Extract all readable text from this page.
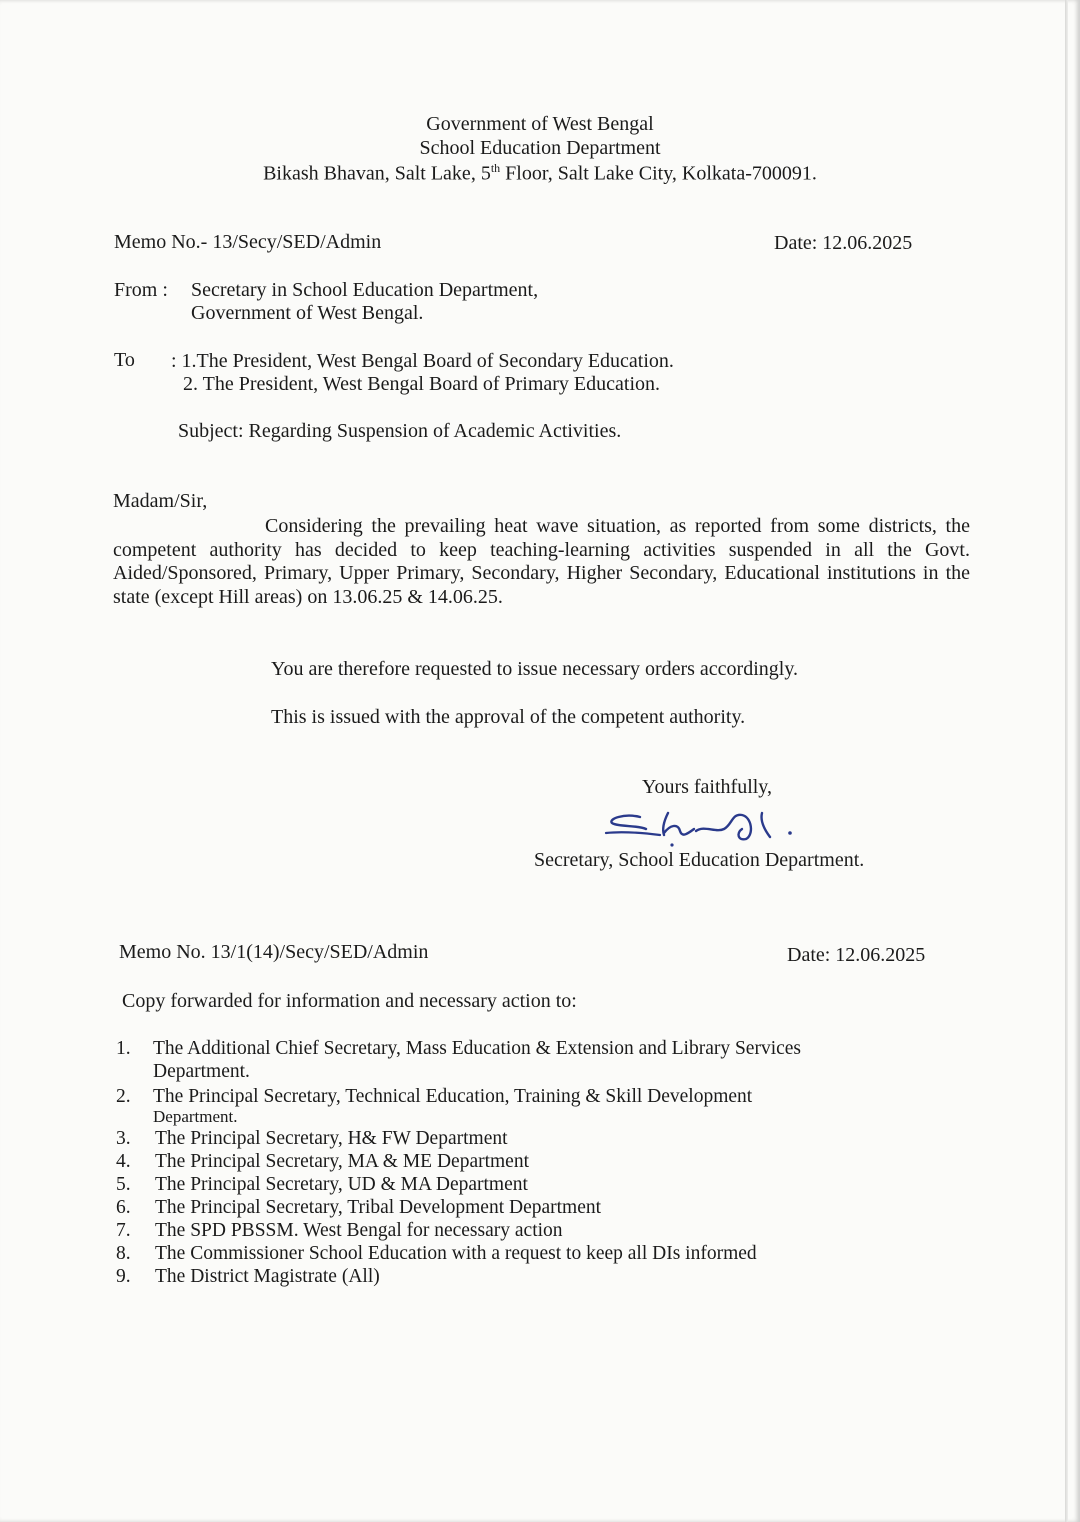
Government of West Bengal
School Education Department
Bikash Bhavan, Salt Lake, 5th Floor, Salt Lake City, Kolkata-700091.
Memo No.- 13/Secy/SED/Admin	Date: 12.06.2025
From : Secretary in School Education Department,
Government of West Bengal.
To : 1.The President, West Bengal Board of Secondary Education.
2. The President, West Bengal Board of Primary Education.
Subject: Regarding Suspension of Academic Activities.
Madam/Sir,
Considering the prevailing heat wave situation, as reported from some districts, the competent authority has decided to keep teaching-learning activities suspended in all the Govt. Aided/Sponsored, Primary, Upper Primary, Secondary, Higher Secondary, Educational institutions in the state (except Hill areas) on 13.06.25 & 14.06.25.
You are therefore requested to issue necessary orders accordingly.
This is issued with the approval of the competent authority.
Yours faithfully,
Secretary, School Education Department.
Memo No. 13/1(14)/Secy/SED/Admin	Date: 12.06.2025
Copy forwarded for information and necessary action to:
1. The Additional Chief Secretary, Mass Education & Extension and Library Services
Department.
2. The Principal Secretary, Technical Education, Training & Skill Development
Department.
3. The Principal Secretary, H& FW Department
4. The Principal Secretary, MA & ME Department
5. The Principal Secretary, UD & MA Department
6. The Principal Secretary, Tribal Development Department
7. The SPD PBSSM. West Bengal for necessary action
8. The Commissioner School Education with a request to keep all DIs informed
9. The District Magistrate (All)
